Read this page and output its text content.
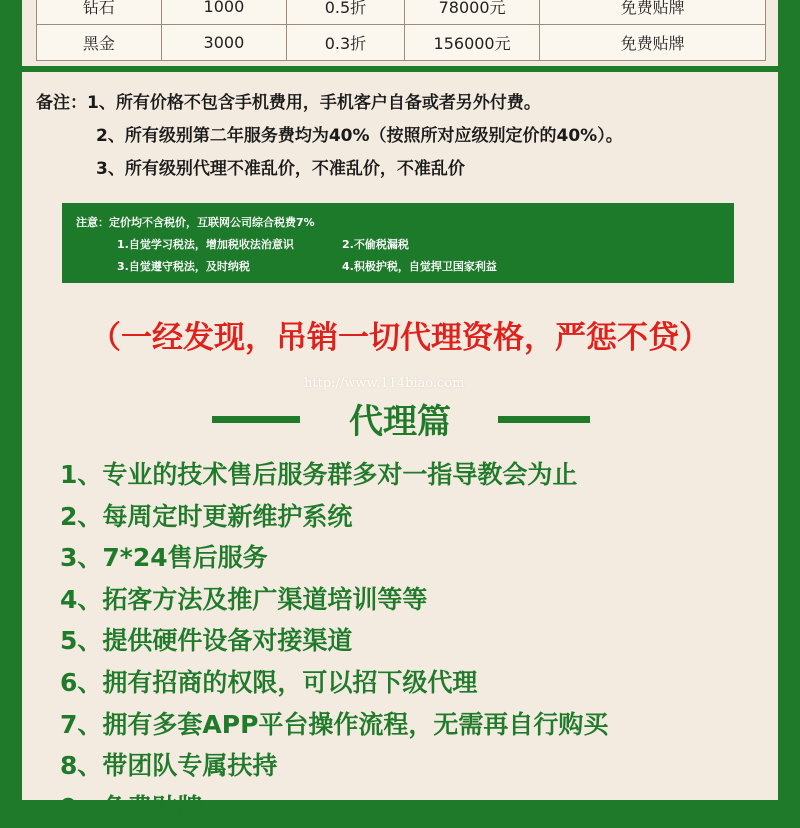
钻石	1000	0.5折	78000元	免费贴牌
黑金	3000	0.3折	156000元	免费贴牌
备注：1、所有价格不包含手机费用，手机客户自备或者另外付费。
2、所有级别第二年服务费均为40%（按照所对应级别定价的40%）。
3、所有级别代理不准乱价，不准乱价，不准乱价
注意：定价均不含税价，互联网公司综合税费7%
1.自觉学习税法，增加税收法治意识	2.不偷税漏税
3.自觉遵守税法，及时纳税	4.积极护税，自觉捍卫国家利益
（一经发现，吊销一切代理资格，严惩不贷）
http://www.114biao.com
代理篇
1、专业的技术售后服务群多对一指导教会为止
2、每周定时更新维护系统
3、7*24售后服务
4、拓客方法及推广渠道培训等等
5、提供硬件设备对接渠道
6、拥有招商的权限，可以招下级代理
7、拥有多套APP平台操作流程，无需再自行购买
8、带团队专属扶持
9、免费贴牌
